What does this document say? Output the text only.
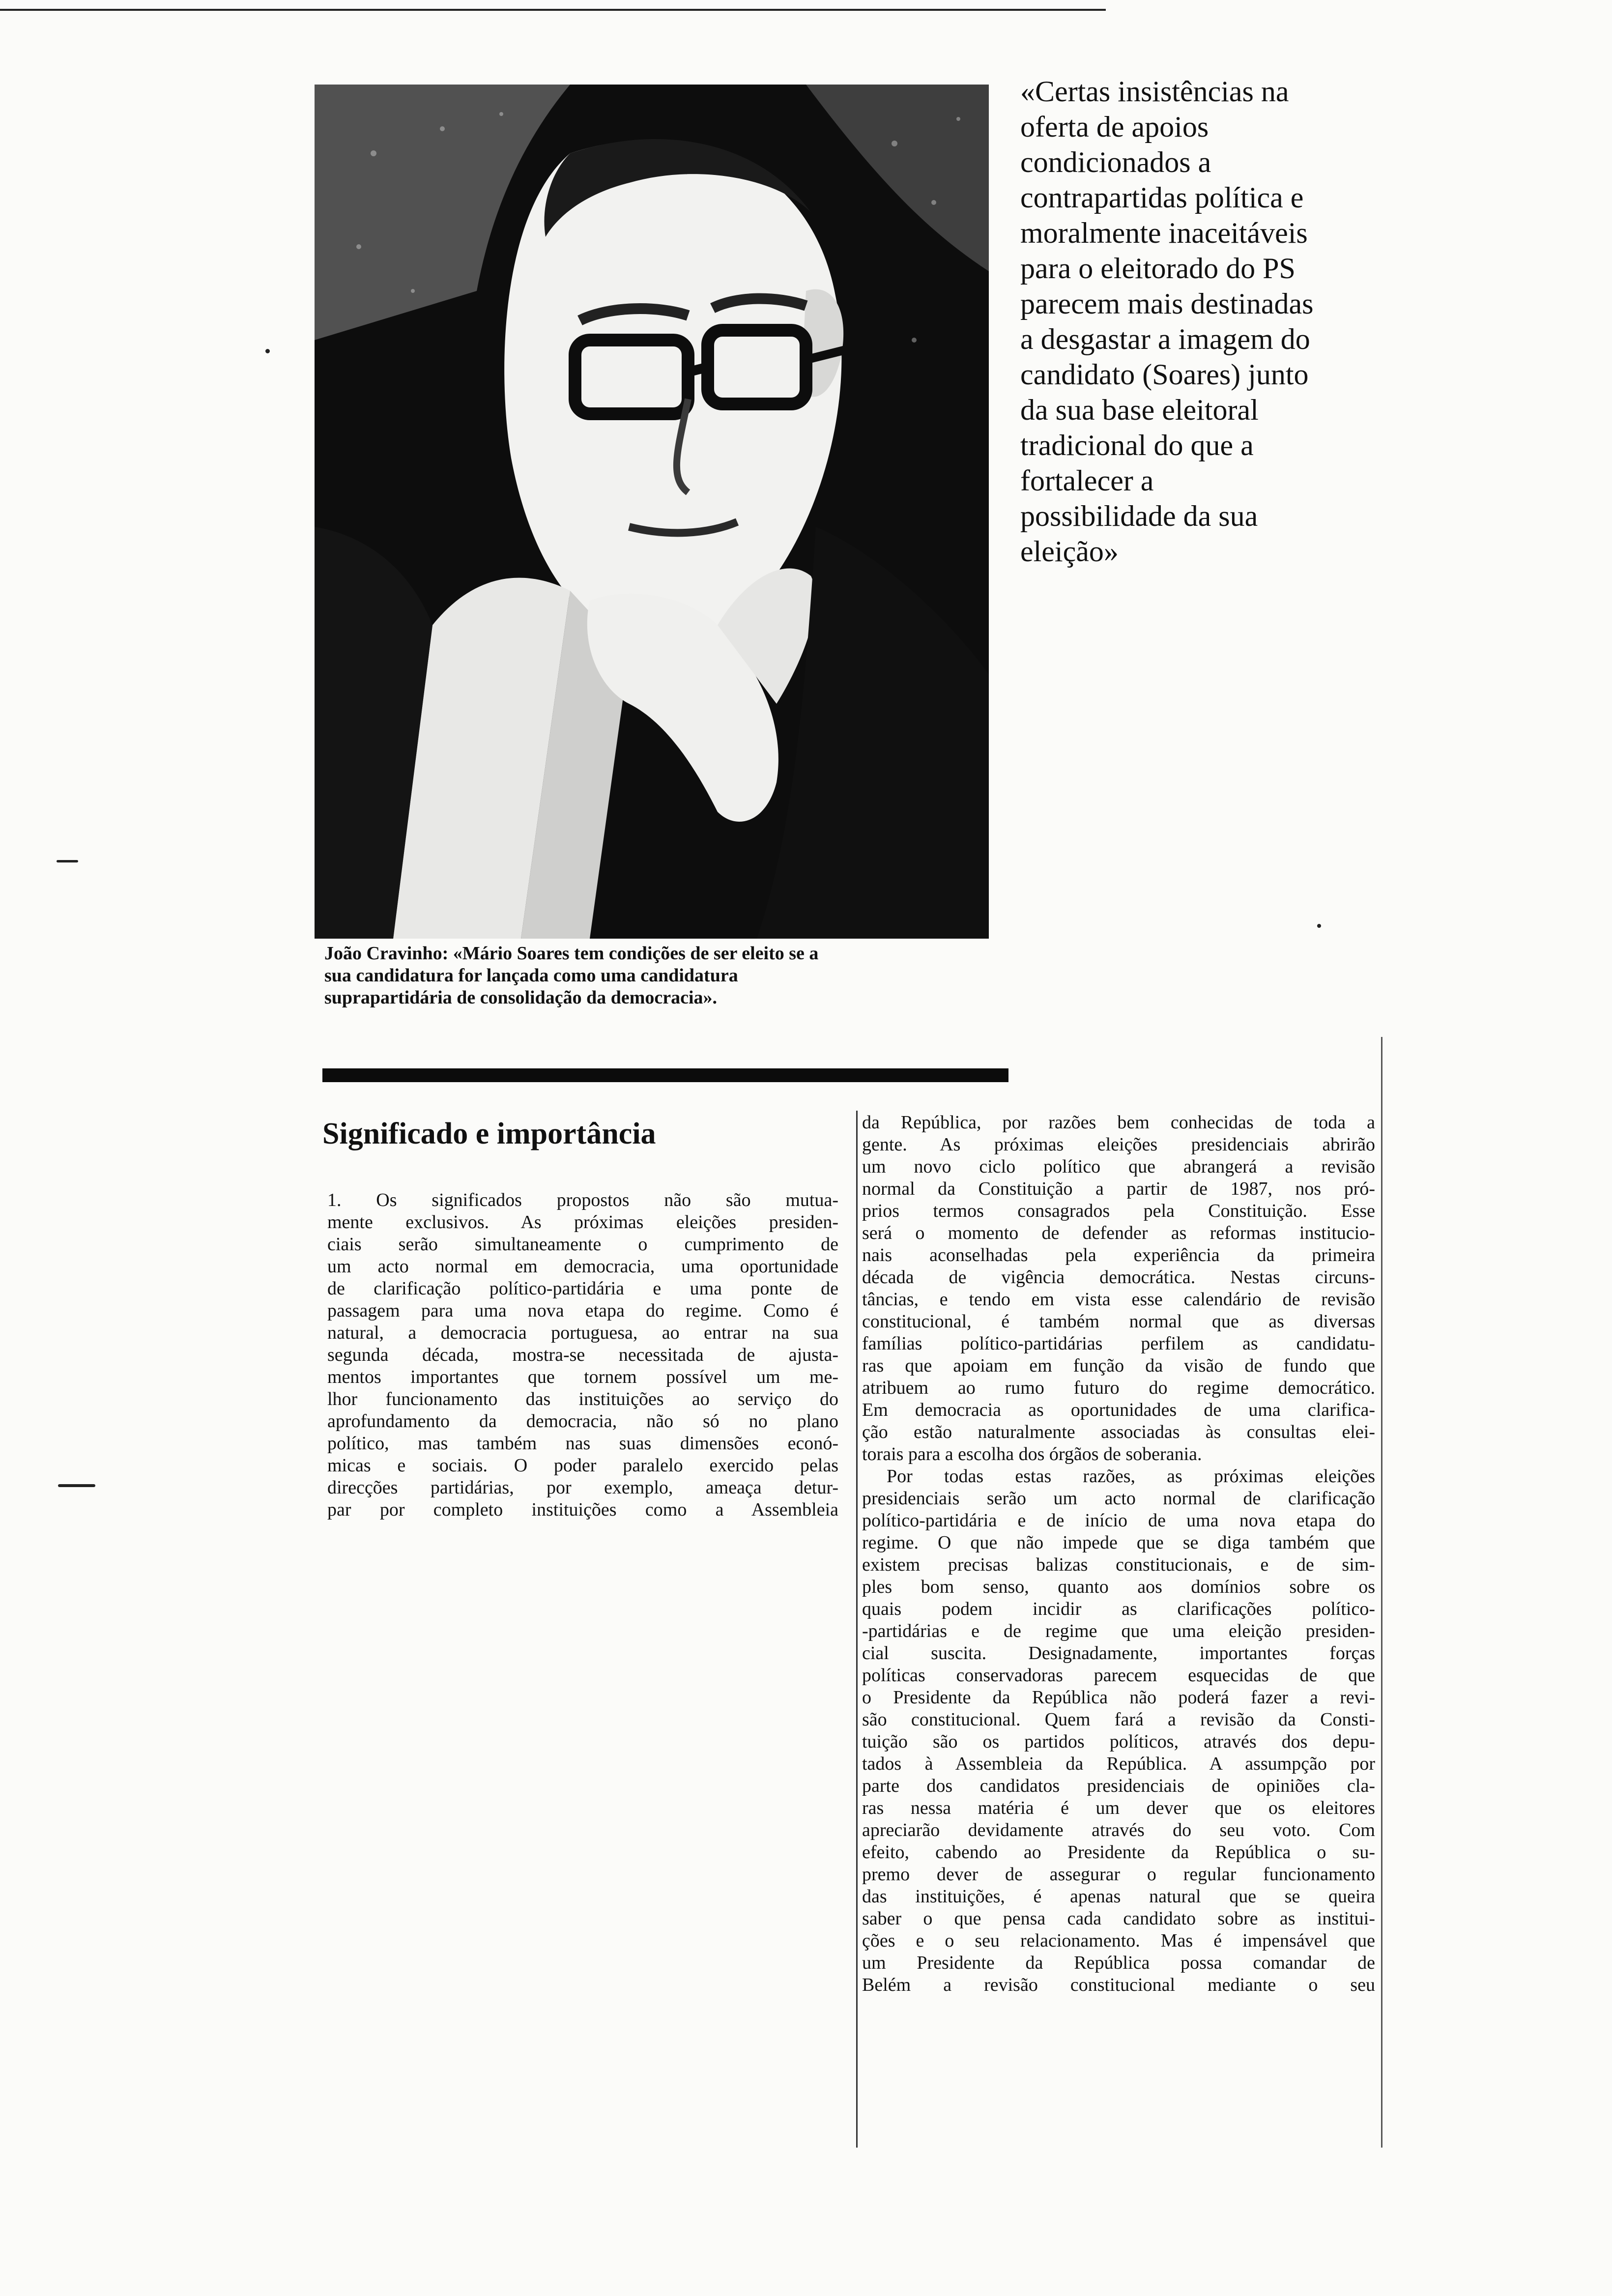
«Certas insistências na
oferta de apoios
condicionados a
contrapartidas política e
moralmente inaceitáveis
para o eleitorado do PS
parecem mais destinadas
a desgastar a imagem do
candidato (Soares) junto
da sua base eleitoral
tradicional do que a
fortalecer a
possibilidade da sua
eleição»
João Cravinho: «Mário Soares tem condições de ser eleito se a
sua candidatura for lançada como uma candidatura
suprapartidária de consolidação da democracia».
Significado e importância
1. Os significados propostos não são mutua-
mente exclusivos. As próximas eleições presiden-
ciais serão simultaneamente o cumprimento de
um acto normal em democracia, uma oportunidade
de clarificação político-partidária e uma ponte de
passagem para uma nova etapa do regime. Como é
natural, a democracia portuguesa, ao entrar na sua
segunda década, mostra-se necessitada de ajusta-
mentos importantes que tornem possível um me-
lhor funcionamento das instituições ao serviço do
aprofundamento da democracia, não só no plano
político, mas também nas suas dimensões econó-
micas e sociais. O poder paralelo exercido pelas
direcções partidárias, por exemplo, ameaça detur-
par por completo instituições como a Assembleia
da República, por razões bem conhecidas de toda a
gente. As próximas eleições presidenciais abrirão
um novo ciclo político que abrangerá a revisão
normal da Constituição a partir de 1987, nos pró-
prios termos consagrados pela Constituição. Esse
será o momento de defender as reformas institucio-
nais aconselhadas pela experiência da primeira
década de vigência democrática. Nestas circuns-
tâncias, e tendo em vista esse calendário de revisão
constitucional, é também normal que as diversas
famílias político-partidárias perfilem as candidatu-
ras que apoiam em função da visão de fundo que
atribuem ao rumo futuro do regime democrático.
Em democracia as oportunidades de uma clarifica-
ção estão naturalmente associadas às consultas elei-
torais para a escolha dos órgãos de soberania.
Por todas estas razões, as próximas eleições
presidenciais serão um acto normal de clarificação
político-partidária e de início de uma nova etapa do
regime. O que não impede que se diga também que
existem precisas balizas constitucionais, e de sim-
ples bom senso, quanto aos domínios sobre os
quais podem incidir as clarificações político-
-partidárias e de regime que uma eleição presiden-
cial suscita. Designadamente, importantes forças
políticas conservadoras parecem esquecidas de que
o Presidente da República não poderá fazer a revi-
são constitucional. Quem fará a revisão da Consti-
tuição são os partidos políticos, através dos depu-
tados à Assembleia da República. A assumpção por
parte dos candidatos presidenciais de opiniões cla-
ras nessa matéria é um dever que os eleitores
apreciarão devidamente através do seu voto. Com
efeito, cabendo ao Presidente da República o su-
premo dever de assegurar o regular funcionamento
das instituições, é apenas natural que se queira
saber o que pensa cada candidato sobre as institui-
ções e o seu relacionamento. Mas é impensável que
um Presidente da República possa comandar de
Belém a revisão constitucional mediante o seu
